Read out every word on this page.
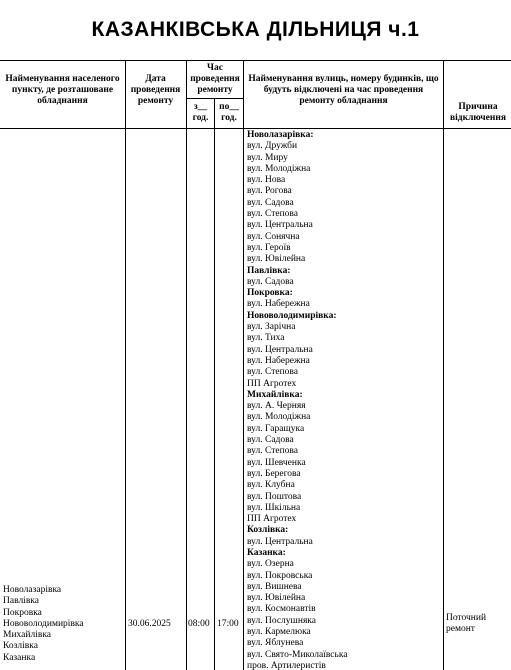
КАЗАНКІВСЬКА ДІЛЬНИЦЯ ч.1
Найменування населеного пункту, де розташоване обладнання
Дата проведення ремонту
Час проведення ремонту
з__ год.
по__ год.
Найменування вулиць, номеру будинків, що будуть відключені на час проведення ремонту обладнання
Причина відключення
Новолазарівка
Павлівка
Покровка
Нововолодимирівка
Михайлівка
Козлівка
Казанка
30.06.2025 08:00 17:00
Поточний ремонт
Новолазарівка:
вул. Дружби
вул. Миру
вул. Молодіжна
вул. Нова
вул. Рогова
вул. Садова
вул. Степова
вул. Центральна
вул. Сонячна
вул. Героїв
вул. Ювілейна
Павлівка:
вул. Садова
Покровка:
вул. Набережна
Нововолодимирівка:
вул. Зарічна
вул. Тиха
вул. Центральна
вул. Набережна
вул. Степова
ПП Агротех
Михайлівка:
вул. А. Черняя
вул. Молодіжна
вул. Гаращука
вул. Садова
вул. Степова
вул. Шевченка
вул. Берегова
вул. Клубна
вул. Поштова
вул. Шкільна
ПП Агротех
Козлівка:
вул. Центральна
Казанка:
вул. Озерна
вул. Покровська
вул. Вишнева
вул. Ювілейна
вул. Космонавтів
вул. Послушняка
вул. Кармелюка
вул. Яблунева
вул. Свято-Миколаївська
пров. Артилеристів
